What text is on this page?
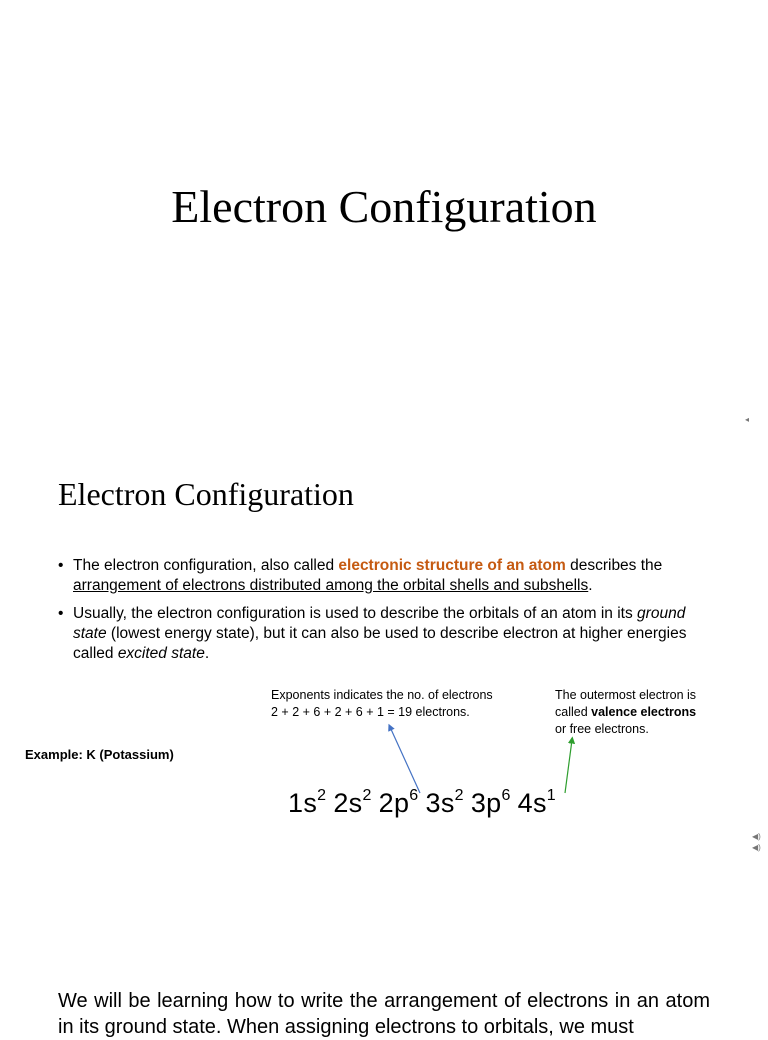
Electron Configuration
◂
Electron Configuration
• The electron configuration, also called electronic structure of an atom describes the arrangement of electrons distributed among the orbital shells and subshells.
• Usually, the electron configuration is used to describe the orbitals of an atom in its ground state (lowest energy state), but it can also be used to describe electron at higher energies called excited state.
Exponents indicates the no. of electrons
2 + 2 + 6 + 2 + 6 + 1 = 19 electrons.
The outermost electron is
called valence electrons
or free electrons.
Example: K (Potassium)
$1s^2$ $2s^2$ $2p^6$ $3s^2$ $3p^6$ $4s^1$
◀)
◀)

We will be learning how to write the arrangement of electrons in an atom in its ground state. When assigning electrons to orbitals, we must
